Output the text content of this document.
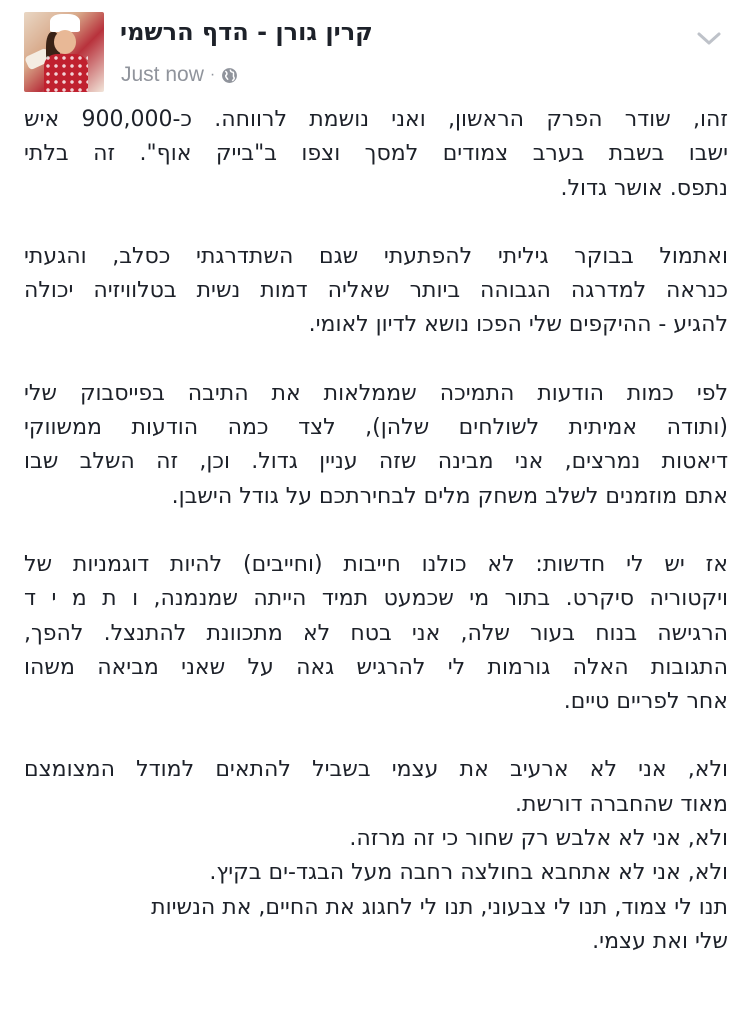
קרין גורן - הדף הרשמי
Just now ·
זהו, שודר הפרק הראשון, ואני נושמת לרווחה. כ-900,000 איש
ישבו בשבת בערב צמודים למסך וצפו ב"בייק אוף". זה בלתי
נתפס. אושר גדול.
ואתמול בבוקר גיליתי להפתעתי שגם השתדרגתי כסלב, והגעתי
כנראה למדרגה הגבוהה ביותר שאליה דמות נשית בטלוויזיה יכולה
להגיע - ההיקפים שלי הפכו נושא לדיון לאומי.
לפי כמות הודעות התמיכה שממלאות את התיבה בפייסבוק שלי
(ותודה אמיתית לשולחים שלהן), לצד כמה הודעות ממשווקי
דיאטות נמרצים, אני מבינה שזה עניין גדול. וכן, זה השלב שבו
אתם מוזמנים לשלב משחק מלים לבחירתכם על גודל הישבן.
אז יש לי חדשות: לא כולנו חייבות (וחייבים) להיות דוגמניות של
ויקטוריה סיקרט. בתור מי שכמעט תמיד הייתה שמנמנה, ו ת מ י ד
הרגישה בנוח בעור שלה, אני בטח לא מתכוונת להתנצל. להפך,
התגובות האלה גורמות לי להרגיש גאה על שאני מביאה משהו
אחר לפריים טיים.
ולא, אני לא ארעיב את עצמי בשביל להתאים למודל המצומצם
מאוד שהחברה דורשת.
ולא, אני לא אלבש רק שחור כי זה מרזה.
ולא, אני לא אתחבא בחולצה רחבה מעל הבגד-ים בקיץ.
תנו לי צמוד, תנו לי צבעוני, תנו לי לחגוג את החיים, את הנשיות
שלי ואת עצמי.
